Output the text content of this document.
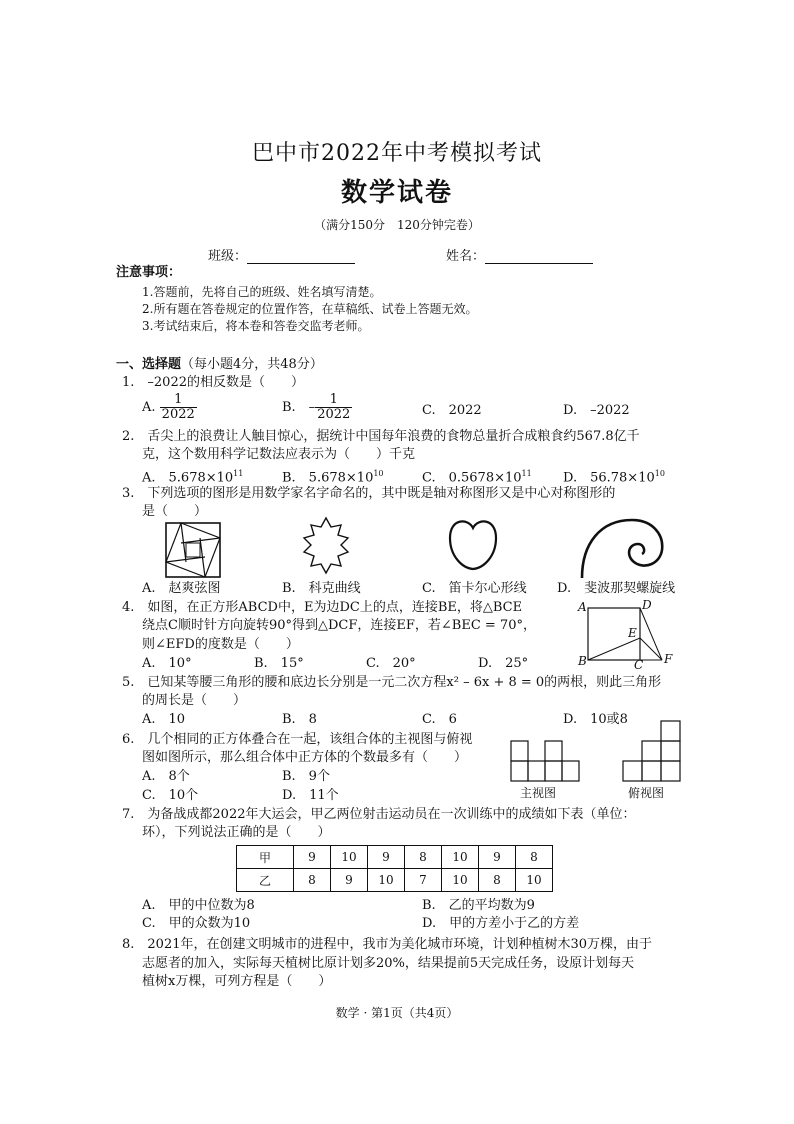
巴中市2022年中考模拟考试
数学试卷
（满分150分　120分钟完卷）
班级：	姓名：
注意事项：
1.答题前，先将自己的班级、姓名填写清楚。
2.所有题在答卷规定的位置作答，在草稿纸、试卷上答题无效。
3.考试结束后，将本卷和答卷交监考老师。
一、选择题（每小题4分，共48分）
1.　–2022的相反数是（　　）
A. $\frac{1}{2022}$	B.　– $\frac{1}{2022}$	C.　2022	D.　–2022
2.　舌尖上的浪费让人触目惊心，据统计中国每年浪费的食物总量折合成粮食约567.8亿千
克，这个数用科学记数法应表示为（　　）千克
A.　$5.678\times 10^{11}$	B.　$5.678\times 10^{10}$	C.　$0.5678\times 10^{11}$ D.　$56.78\times 10^{10}$
3.　下列选项的图形是用数学家名字命名的，其中既是轴对称图形又是中心对称图形的
是（　　）
A.　赵爽弦图	B.　科克曲线	C.　笛卡尔心形线 D.　斐波那契螺旋线
4.　如图，在正方形ABCD中，E为边DC上的点，连接BE，将△BCE
绕点C顺时针方向旋转90°得到△DCF，连接EF，若∠BEC = 70°，
则∠EFD的度数是（　　）
A.　10°	B.　15°	C.　20°	D.　25°
A	D
E
B	C F
5.　已知某等腰三角形的腰和底边长分别是一元二次方程x² – 6x + 8 = 0的两根，则此三角形
的周长是（　　）
A.　10	B.　8	C.　6	D.　10或8
6.　几个相同的正方体叠合在一起，该组合体的主视图与俯视
图如图所示，那么组合体中正方体的个数最多有（　　）
A.　8个	B.　9个
C.　10个	D.　11个	主视图	俯视图
7.　为备战成都2022年大运会，甲乙两位射击运动员在一次训练中的成绩如下表（单位：
环），下列说法正确的是（　　）
甲	9	10	9	8	10	9	8
乙	8	9	10	7	10	8	10
A.　甲的中位数为8	B.　乙的平均数为9
C.　甲的众数为10	D.　甲的方差小于乙的方差
8.　2021年，在创建文明城市的进程中，我市为美化城市环境，计划种植树木30万棵，由于
志愿者的加入，实际每天植树比原计划多20%，结果提前5天完成任务，设原计划每天
植树x万棵，可列方程是（　　）
数学 · 第1页（共4页）
